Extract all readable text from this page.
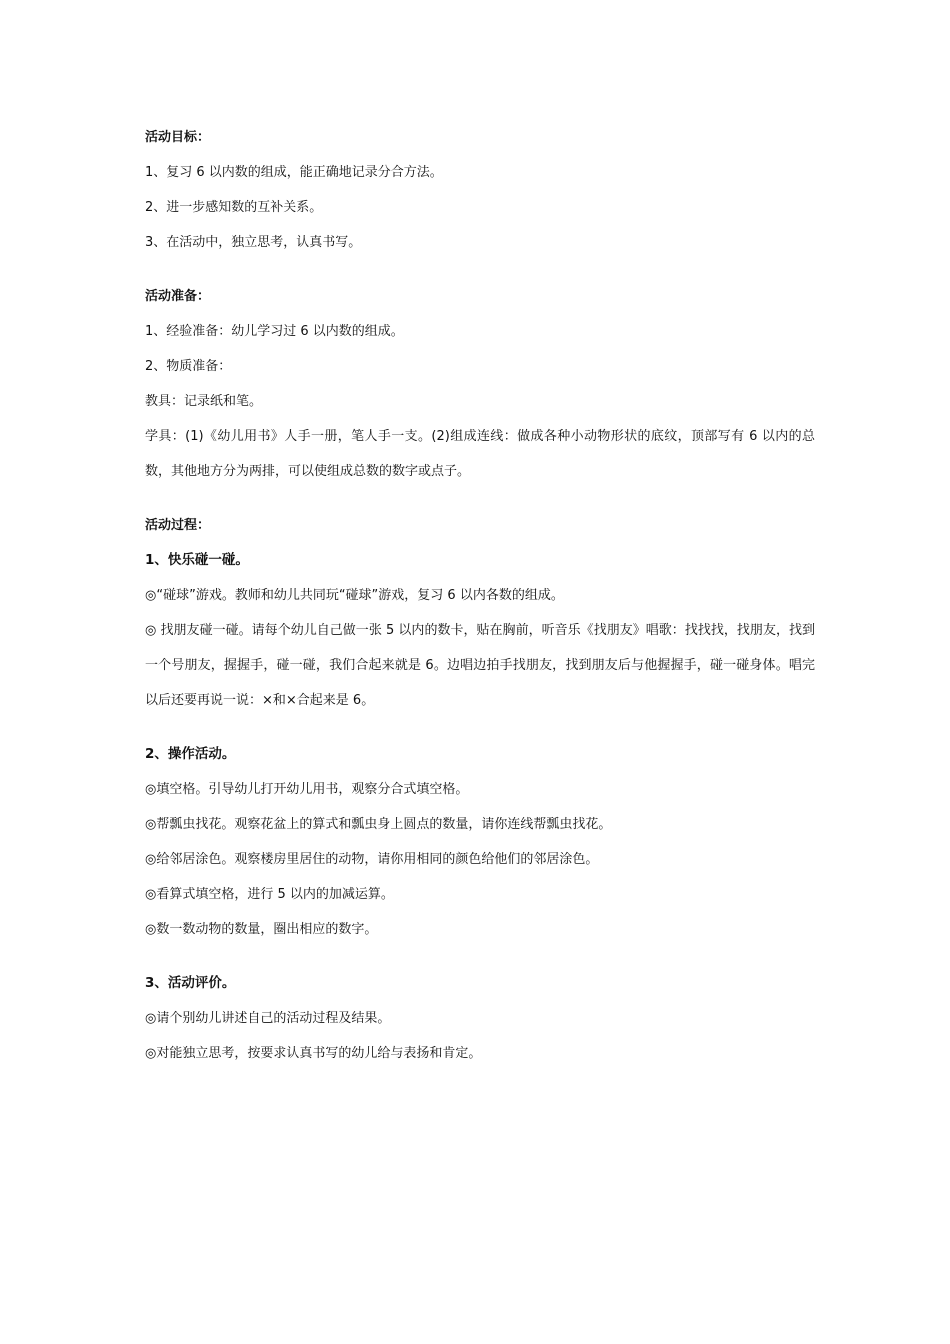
活动目标：
1、复习 6 以内数的组成，能正确地记录分合方法。
2、进一步感知数的互补关系。
3、在活动中，独立思考，认真书写。
活动准备：
1、经验准备：幼儿学习过 6 以内数的组成。
2、物质准备：
教具：记录纸和笔。

学具：(1)《幼儿用书》人手一册，笔人手一支。(2)组成连线：做成各种小动物形状的底纹，顶部写有 6 以内的总数，其他地方分为两排，可以使组成总数的数字或点子。

活动过程：
1、快乐碰一碰。
◎“碰球”游戏。教师和幼儿共同玩“碰球”游戏，复习 6 以内各数的组成。

◎ 找朋友碰一碰。请每个幼儿自己做一张 5 以内的数卡，贴在胸前，听音乐《找朋友》唱歌：找找找，找朋友，找到一个号朋友，握握手，碰一碰，我们合起来就是 6。边唱边拍手找朋友，找到朋友后与他握握手，碰一碰身体。唱完以后还要再说一说：×和×合起来是 6。

2、操作活动。
◎填空格。引导幼儿打开幼儿用书，观察分合式填空格。
◎帮瓢虫找花。观察花盆上的算式和瓢虫身上圆点的数量，请你连线帮瓢虫找花。
◎给邻居涂色。观察楼房里居住的动物，请你用相同的颜色给他们的邻居涂色。
◎看算式填空格，进行 5 以内的加减运算。
◎数一数动物的数量，圈出相应的数字。
3、活动评价。
◎请个别幼儿讲述自己的活动过程及结果。
◎对能独立思考，按要求认真书写的幼儿给与表扬和肯定。
